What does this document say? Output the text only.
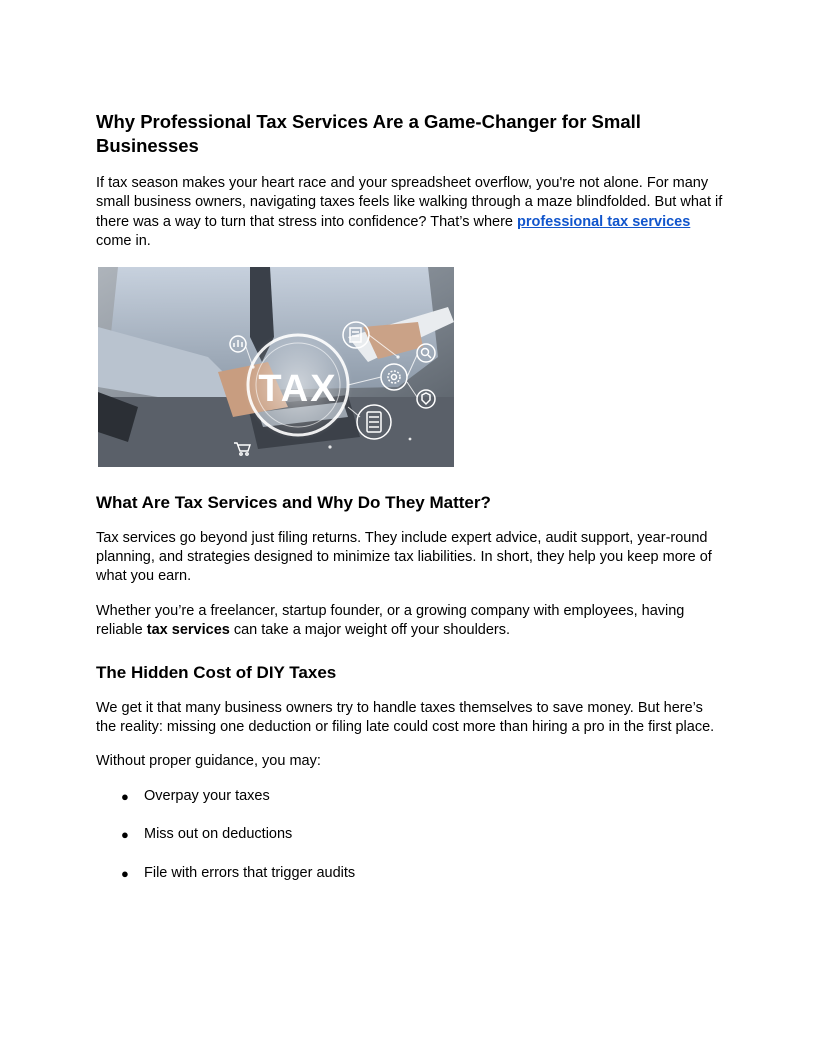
Why Professional Tax Services Are a Game-Changer for Small Businesses

If tax season makes your heart race and your spreadsheet overflow, you're not alone. For many small business owners, navigating taxes feels like walking through a maze blindfolded. But what if there was a way to turn that stress into confidence? That’s where professional tax services come in.

TAX
What Are Tax Services and Why Do They Matter?

Tax services go beyond just filing returns. They include expert advice, audit support, year-round planning, and strategies designed to minimize tax liabilities. In short, they help you keep more of what you earn.

Whether you’re a freelancer, startup founder, or a growing company with employees, having reliable tax services can take a major weight off your shoulders.

The Hidden Cost of DIY Taxes

We get it that many business owners try to handle taxes themselves to save money. But here’s the reality: missing one deduction or filing late could cost more than hiring a pro in the first place.

Without proper guidance, you may:

● Overpay your taxes
● Miss out on deductions
● File with errors that trigger audits
